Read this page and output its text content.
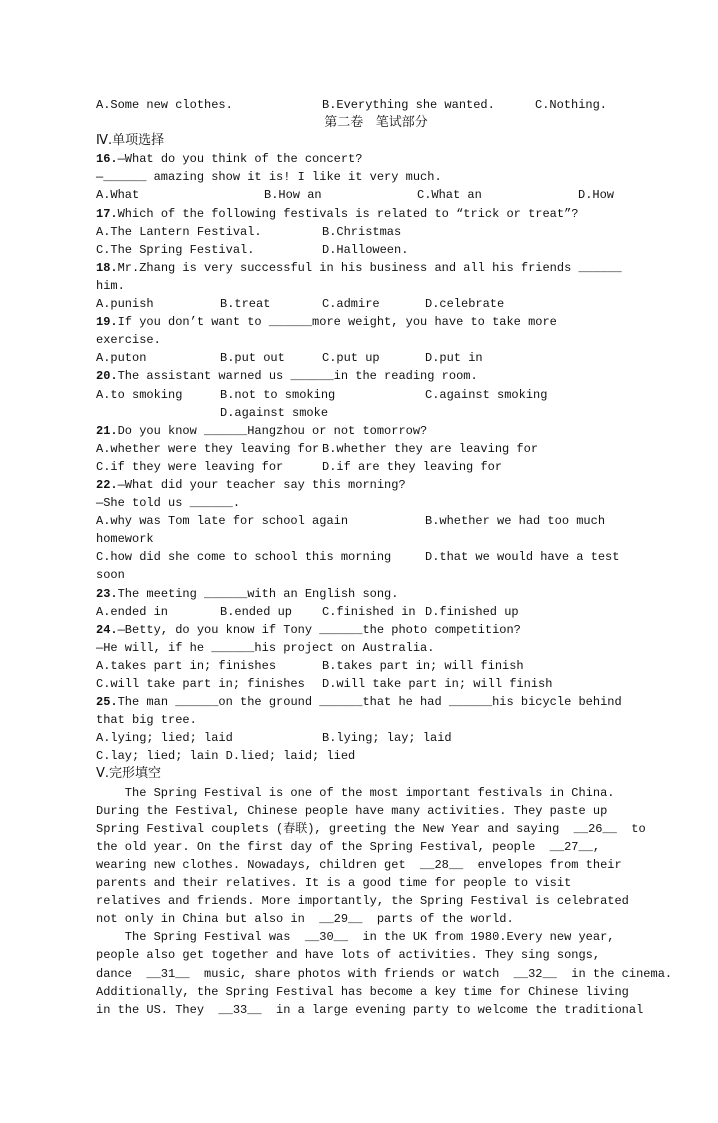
A.Some new clothes.

	B.Everything she wanted.

	C.Nothing.

第二卷   笔试部分
Ⅳ.单项选择
16.—What do you think of the concert?
—______ amazing show it is! I like it very much.

A.What

	B.How an

	C.What an

	D.How

17.Which of the following festivals is related to “trick or treat”?

A.The Lantern Festival.

	B.Christmas

C.The Spring Festival.

	D.Halloween.

18.Mr.Zhang is very successful in his business and all his friends ______
him.

A.punish

	B.treat

	C.admire

	D.celebrate

19.If you don’t want to ______more weight, you have to take more
exercise.

A.puton

	B.put out

	C.put up

	D.put in

20.The assistant warned us ______in the reading room.

A.to smoking

	B.not to smoking

	C.against smoking

D.against smoke

21.Do you know ______Hangzhou or not tomorrow?

A.whether were they leaving for

B.whether they are leaving for

C.if they were leaving for

	D.if are they leaving for

22.—What did your teacher say this morning?
—She told us ______.

A.why was Tom late for school again

	B.whether we had too much

homework

C.how did she come to school this morning

	D.that we would have a test

soon
23.The meeting ______with an English song.

A.ended in

	B.ended up

C.finished in

D.finished up

24.—Betty, do you know if Tony ______the photo competition?
—He will, if he ______his project on Australia.

A.takes part in; finishes

	B.takes part in; will finish

C.will take part in; finishes

D.will take part in; will finish

25.The man ______on the ground ______that he had ______his bicycle behind
that big tree.

A.lying; lied; laid

	B.lying; lay; laid

C.lay; lied; lain D.lied; laid; lied
Ⅴ.完形填空
The Spring Festival is one of the most important festivals in China.
During the Festival, Chinese people have many activities. They paste up
Spring Festival couplets (春联), greeting the New Year and saying  __26__  to
the old year. On the first day of the Spring Festival, people  __27__,
wearing new clothes. Nowadays, children get  __28__  envelopes from their
parents and their relatives. It is a good time for people to visit
relatives and friends. More importantly, the Spring Festival is celebrated
not only in China but also in  __29__  parts of the world.
The Spring Festival was  __30__  in the UK from 1980.Every new year,
people also get together and have lots of activities. They sing songs,
dance  __31__  music, share photos with friends or watch  __32__  in the cinema.
Additionally, the Spring Festival has become a key time for Chinese living
in the US. They  __33__  in a large evening party to welcome the traditional
